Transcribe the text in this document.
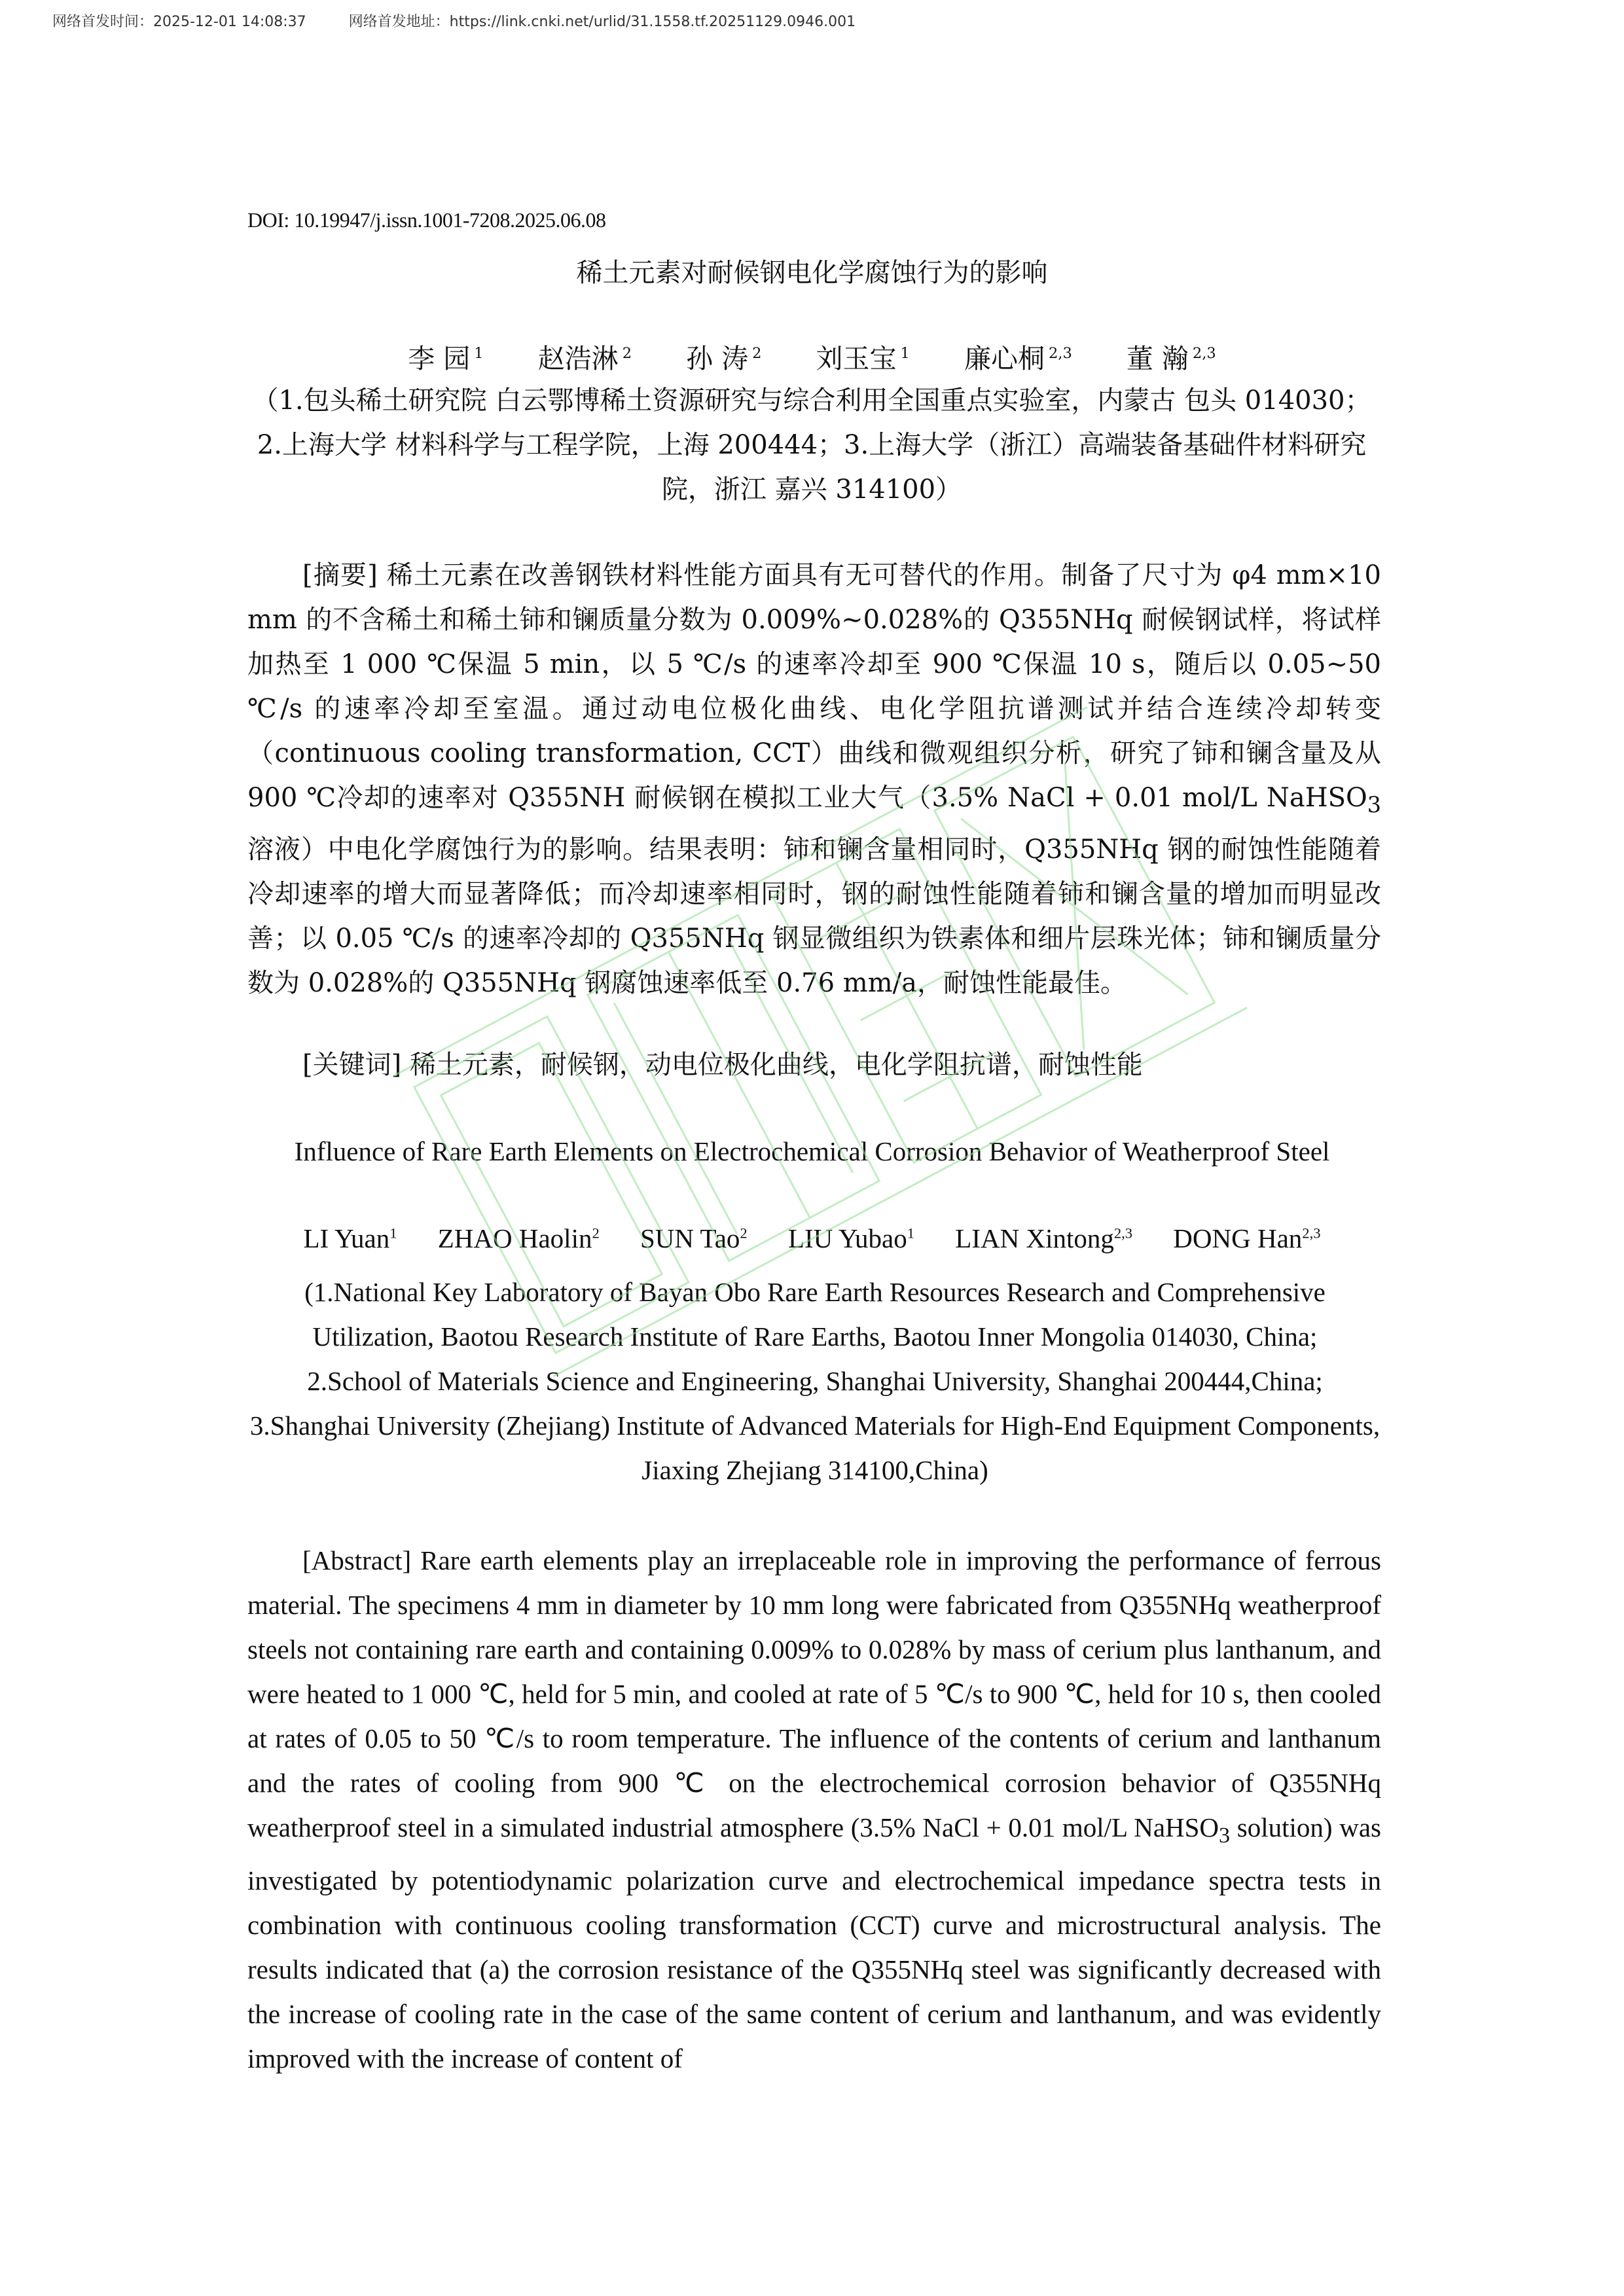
网络首发时间：2025-12-01 14:08:37	网络首发地址：https://link.cnki.net/urlid/31.1558.tf.20251129.0946.001
DOI: 10.19947/j.issn.1001-7208.2025.06.08
稀土元素对耐候钢电化学腐蚀行为的影响
李 园 $^1$ 赵浩淋 $^2$ 孙 涛 $^2$ 刘玉宝 $^1$ 廉心桐 $^{2,3}$ 董 瀚 $^{2,3}$
（1.包头稀土研究院 白云鄂博稀土资源研究与综合利用全国重点实验室，内蒙古 包头 014030；2.上海大学 材料科学与工程学院，上海 200444；3.上海大学（浙江）高端装备基础件材料研究院，浙江 嘉兴 314100）
[摘要] 稀土元素在改善钢铁材料性能方面具有无可替代的作用。制备了尺寸为 φ4 mm×10 mm 的不含稀土和稀土铈和镧质量分数为 0.009%~0.028%的 Q355NHq 耐候钢试样，将试样加热至 1 000 ℃保温 5 min，以 5 ℃/s 的速率冷却至 900 ℃保温 10 s，随后以 0.05~50 ℃/s 的速率冷却至室温。通过动电位极化曲线、电化学阻抗谱测试并结合连续冷却转变（continuous cooling transformation, CCT）曲线和微观组织分析，研究了铈和镧含量及从 900 ℃冷却的速率对 Q355NH 耐候钢在模拟工业大气（3.5% NaCl + 0.01 mol/L NaHSO$_3$ 溶液）中电化学腐蚀行为的影响。结果表明：铈和镧含量相同时，Q355NHq 钢的耐蚀性能随着冷却速率的增大而显著降低；而冷却速率相同时，钢的耐蚀性能随着铈和镧含量的增加而明显改善；以 0.05 ℃/s 的速率冷却的 Q355NHq 钢显微组织为铁素体和细片层珠光体；铈和镧质量分数为 0.028%的 Q355NHq 钢腐蚀速率低至 0.76 mm/a，耐蚀性能最佳。
[关键词] 稀土元素，耐候钢，动电位极化曲线，电化学阻抗谱，耐蚀性能
Influence of Rare Earth Elements on Electrochemical Corrosion Behavior of Weatherproof Steel
LI Yuan$^1$ ZHAO Haolin$^2$ SUN Tao$^2$ LIU Yubao$^1$ LIAN Xintong$^{2,3}$ DONG Han$^{2,3}$
(1.National Key Laboratory of Bayan Obo Rare Earth Resources Research and Comprehensive Utilization, Baotou Research Institute of Rare Earths, Baotou Inner Mongolia 014030, China;
2.School of Materials Science and Engineering, Shanghai University, Shanghai 200444,China;
3.Shanghai University (Zhejiang) Institute of Advanced Materials for High-End Equipment Components, Jiaxing Zhejiang 314100,China)
[Abstract] Rare earth elements play an irreplaceable role in improving the performance of ferrous material. The specimens 4 mm in diameter by 10 mm long were fabricated from Q355NHq weatherproof steels not containing rare earth and containing 0.009% to 0.028% by mass of cerium plus lanthanum, and were heated to 1 000 ℃, held for 5 min, and cooled at rate of 5 ℃/s to 900 ℃, held for 10 s, then cooled at rates of 0.05 to 50 ℃/s to room temperature. The influence of the contents of cerium and lanthanum and the rates of cooling from 900 ℃ on the electrochemical corrosion behavior of Q355NHq weatherproof steel in a simulated industrial atmosphere (3.5% NaCl + 0.01 mol/L NaHSO$_3$ solution) was investigated by potentiodynamic polarization curve and electrochemical impedance spectra tests in combination with continuous cooling transformation (CCT) curve and microstructural analysis. The results indicated that (a) the corrosion resistance of the Q355NHq steel was significantly decreased with the increase of cooling rate in the case of the same content of cerium and lanthanum, and was evidently improved with the increase of content of
